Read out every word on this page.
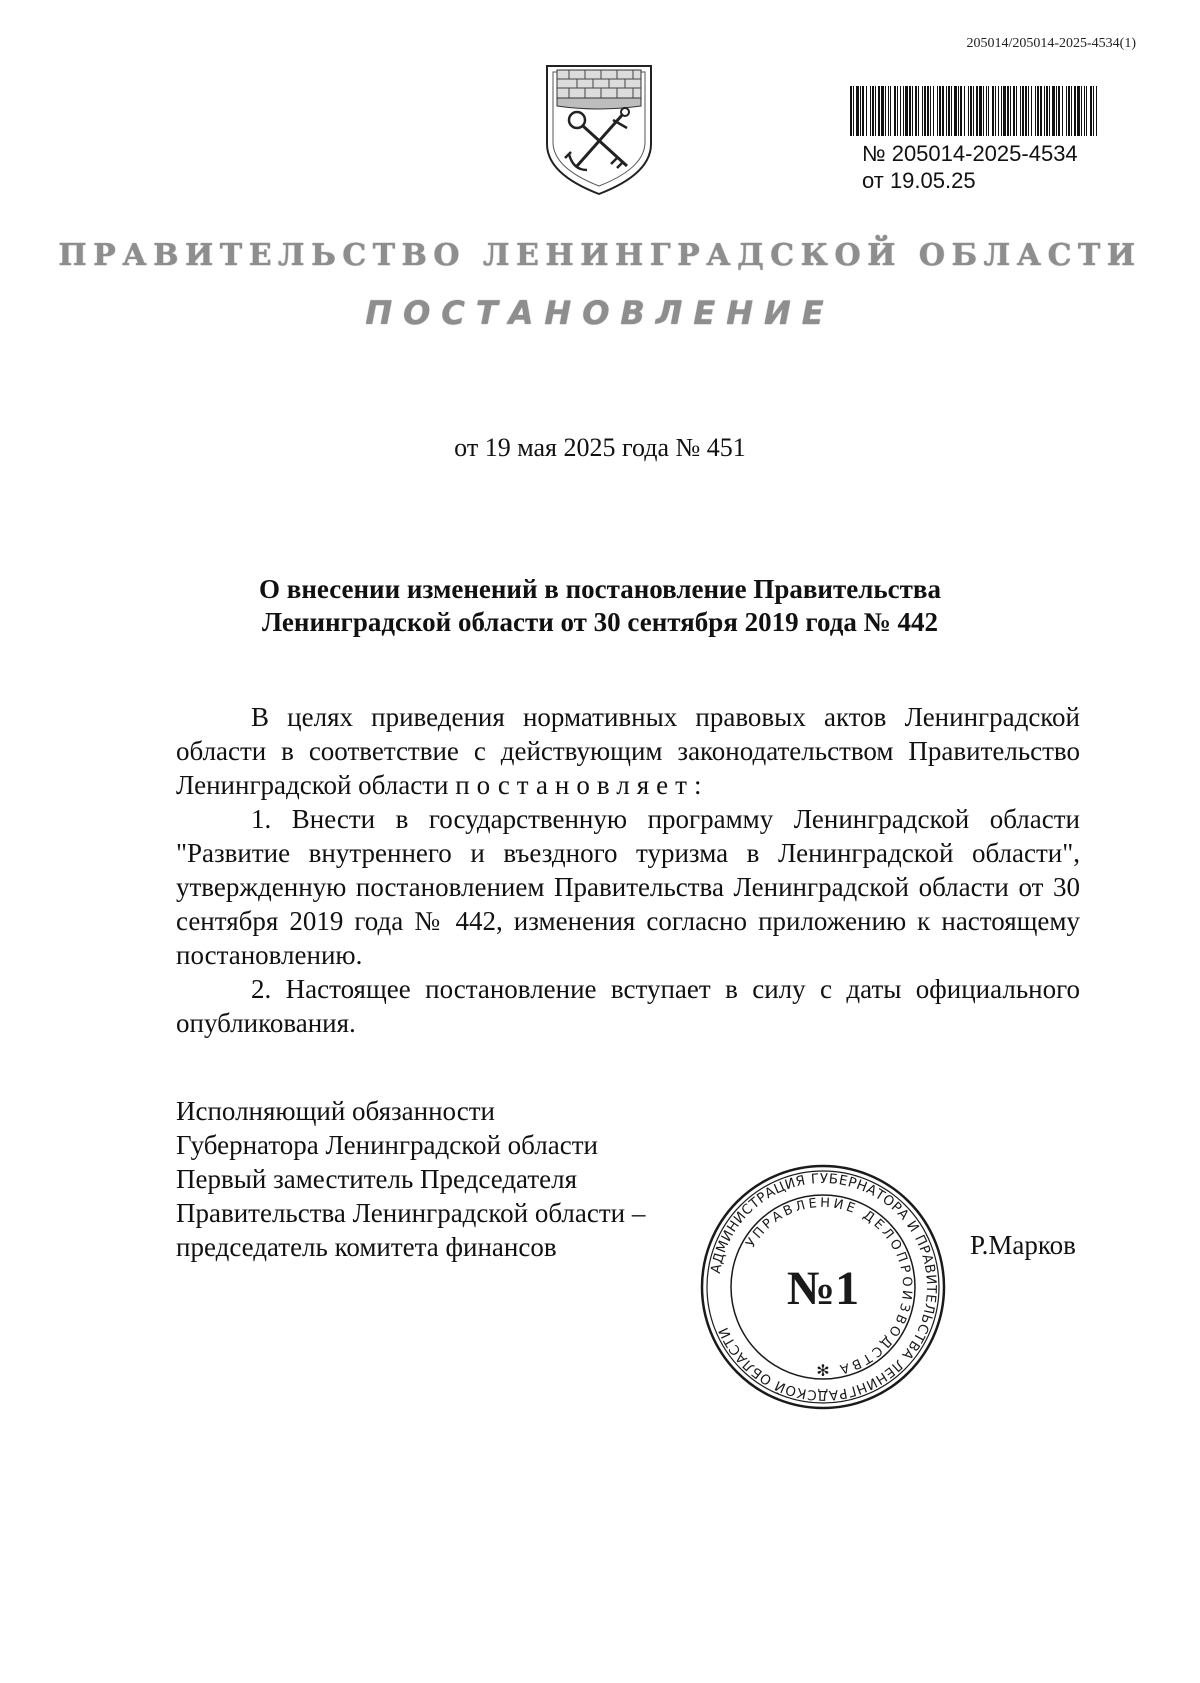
205014/205014-2025-4534(1)
№ 205014-2025-4534
от 19.05.25
ПРАВИТЕЛЬСТВО ЛЕНИНГРАДСКОЙ ОБЛАСТИ
ПОСТАНОВЛЕНИЕ
от 19 мая 2025 года № 451
О внесении изменений в постановление Правительства
Ленинградской области от 30 сентября 2019 года № 442

В целях приведения нормативных правовых актов Ленинградской области в соответствие с действующим законодательством Правительство Ленинградской области постановляет:

1. Внести в государственную программу Ленинградской области "Развитие внутреннего и въездного туризма в Ленинградской области", утвержденную постановлением Правительства Ленинградской области от 30 сентября 2019 года № 442, изменения согласно приложению к настоящему постановлению.

2. Настоящее постановление вступает в силу с даты официального опубликования.

Исполняющий обязанности
Губернатора Ленинградской области
Первый заместитель Председателя
Правительства Ленинградской области –
председатель комитета финансов	Р.Марков
АДМИНИСТРАЦИЯ ГУБЕРНАТОРА И ПРАВИТЕЛЬСТВА ЛЕНИНГРАДСКОЙ ОБЛАСТИ
УПРАВЛЕНИЕ ДЕЛОПРОИЗВОДСТВА
№1
✻
